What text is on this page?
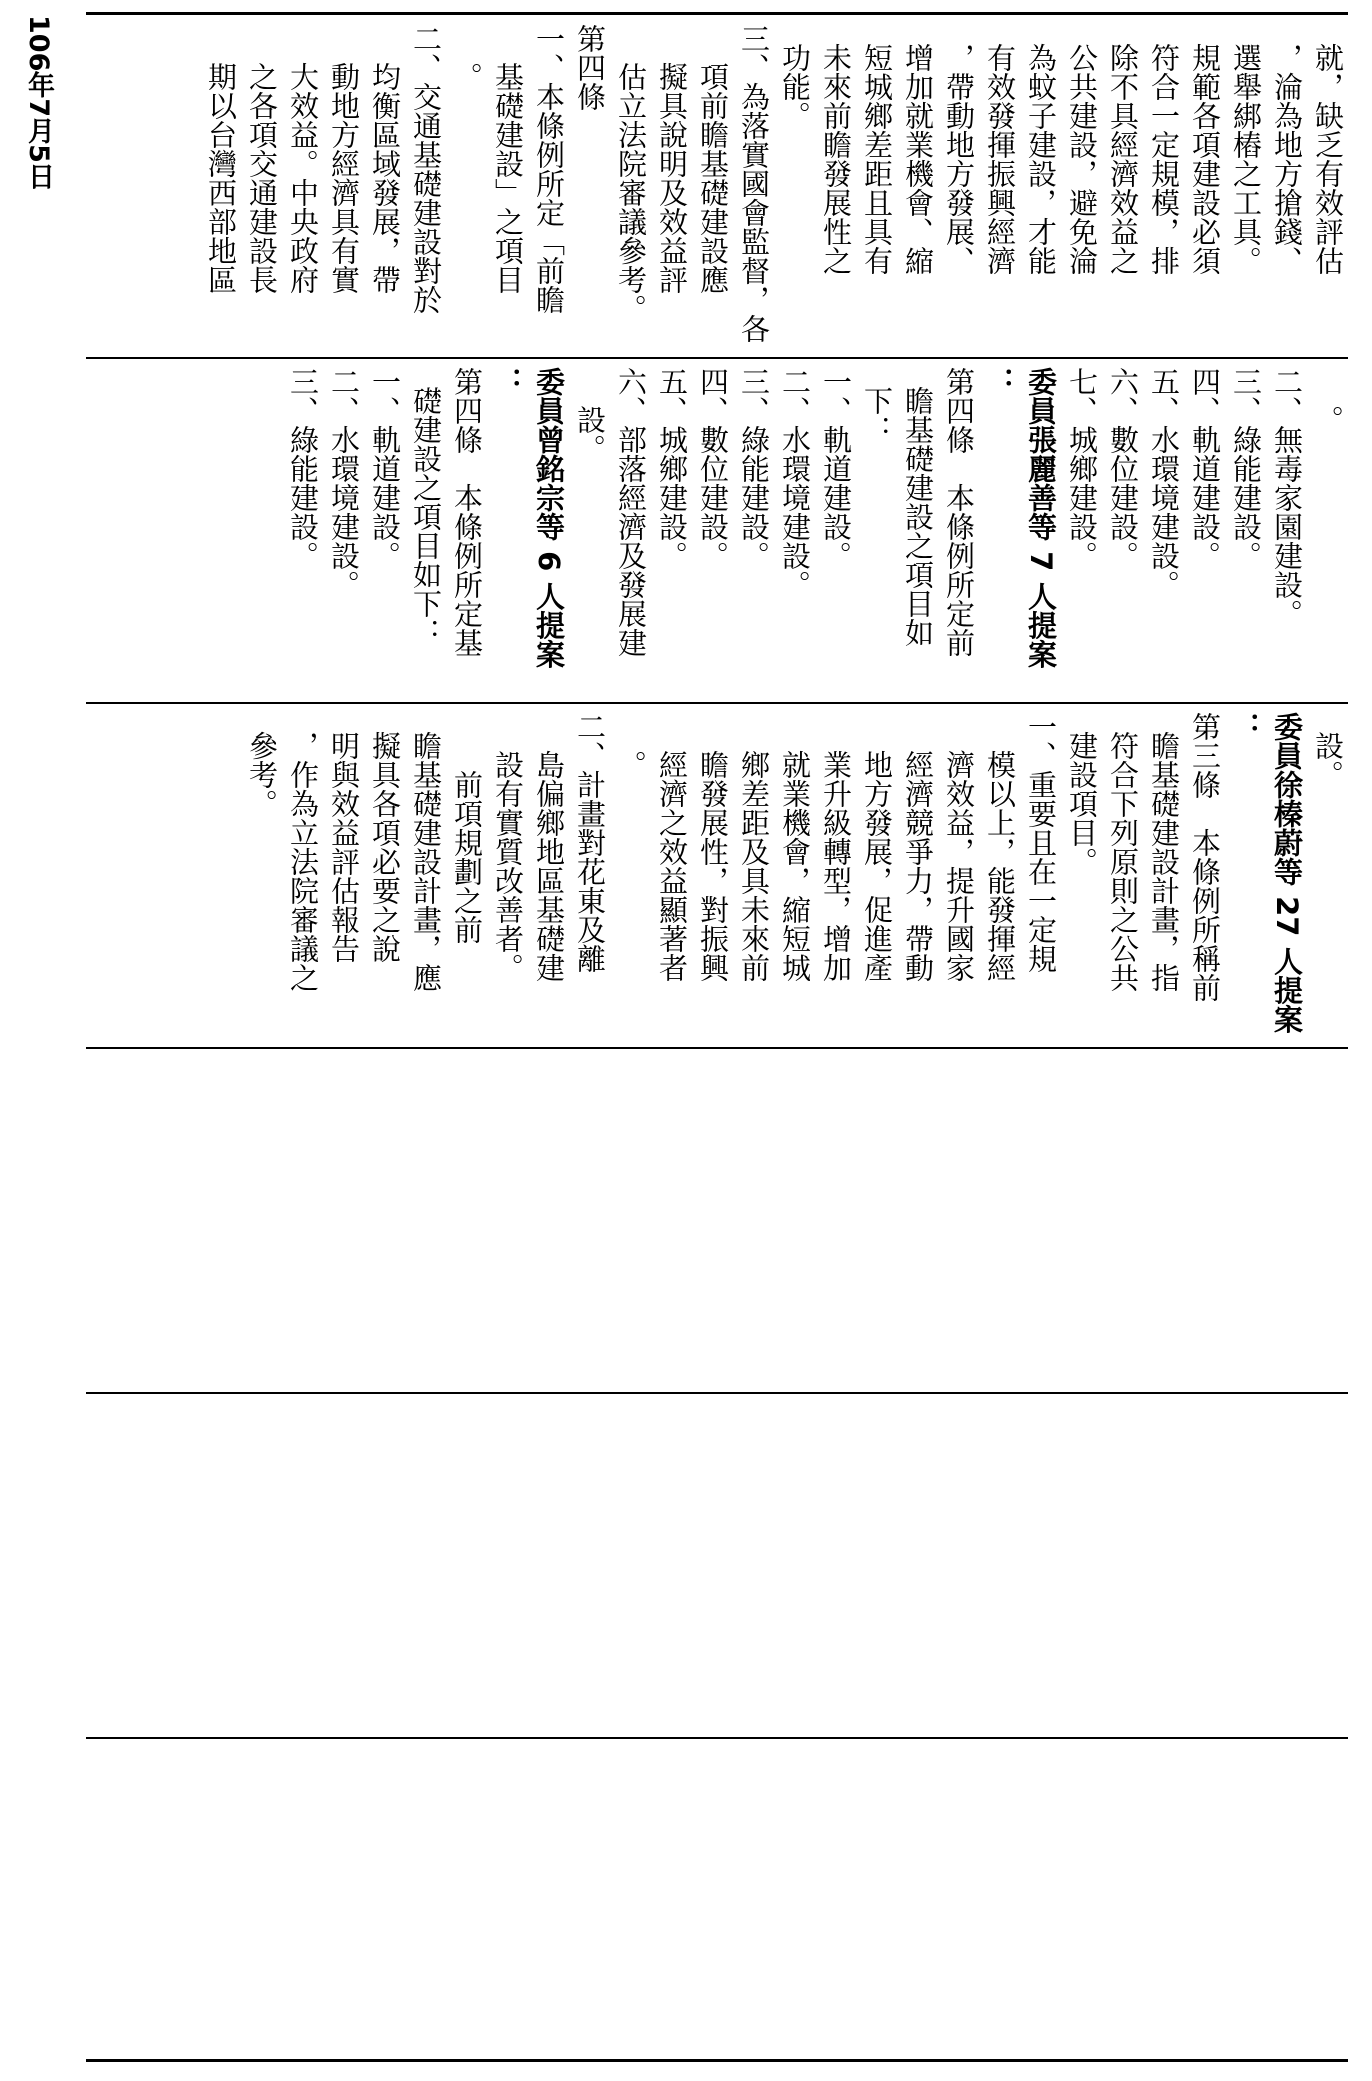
106年7月5日	就，缺乏有效評估
，淪為地方搶錢、
選舉綁樁之工具。
規範各項建設必須
符合一定規模，排
除不具經濟效益之
公共建設，避免淪
為蚊子建設，才能
有效發揮振興經濟
，帶動地方發展、
增加就業機會、縮
短城鄉差距且具有
未來前瞻發展性之
功能。
三、為落實國會監督，各
項前瞻基礎建設應
擬具說明及效益評
估立法院審議參考。
第四條
一、本條例所定「前瞻
基礎建設」之項目
。
二、交通基礎建設對於
均衡區域發展，帶
動地方經濟具有實
大效益。中央政府
之各項交通建設長
期以台灣西部地區
。
二、無毒家園建設。
三、綠能建設。
四、軌道建設。
五、水環境建設。
六、數位建設。
七、城鄉建設。
委員張麗善等 7 人提案
：
第四條　本條例所定前
瞻基礎建設之項目如
下：
一、軌道建設。
二、水環境建設。
三、綠能建設。
四、數位建設。
五、城鄉建設。
六、部落經濟及發展建
設。
委員曾銘宗等 6 人提案
：
第四條　本條例所定基
礎建設之項目如下：
一、軌道建設。
二、水環境建設。
三、綠能建設。
設。
委員徐榛蔚等 27 人提案
：
第三條　本條例所稱前
瞻基礎建設計畫，指
符合下列原則之公共
建設項目。
一、重要且在一定規
模以上，能發揮經
濟效益，提升國家
經濟競爭力，帶動
地方發展，促進產
業升級轉型，增加
就業機會，縮短城
鄉差距及具未來前
瞻發展性，對振興
經濟之效益顯著者
。
二、計畫對花東及離
島偏鄉地區基礎建
設有實質改善者。
前項規劃之前
瞻基礎建設計畫，應
擬具各項必要之說
明與效益評估報告
，作為立法院審議之
參考。
